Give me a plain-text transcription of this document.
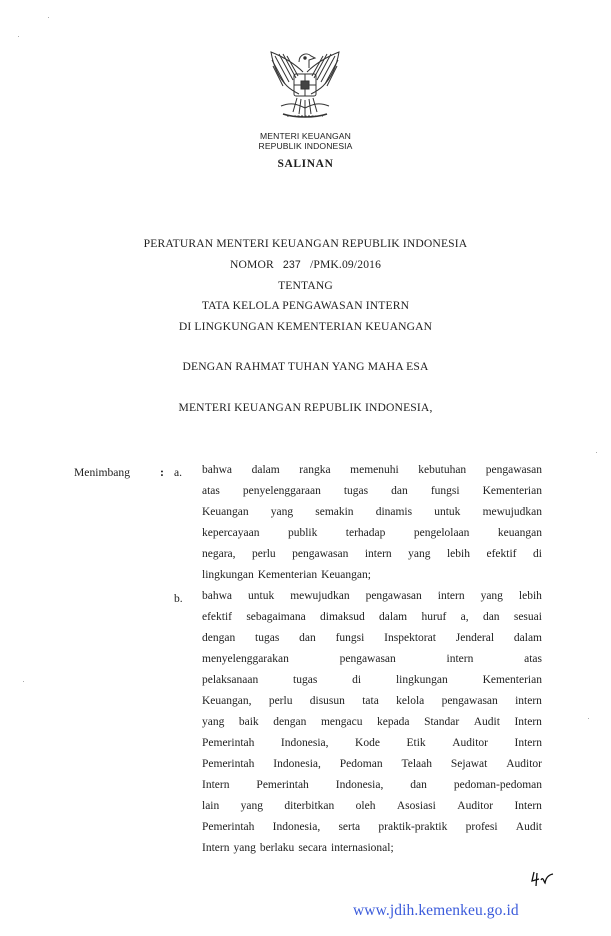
MENTERI KEUANGAN
REPUBLIK INDONESIA
SALINAN
PERATURAN MENTERI KEUANGAN REPUBLIK INDONESIA
NOMOR 237 /PMK.09/2016
TENTANG
TATA KELOLA PENGAWASAN INTERN
DI LINGKUNGAN KEMENTERIAN KEUANGAN
DENGAN RAHMAT TUHAN YANG MAHA ESA
MENTERI KEUANGAN REPUBLIK INDONESIA,
Menimbang : a. bahwa dalam rangka memenuhi kebutuhan pengawasan
atas penyelenggaraan tugas dan fungsi Kementerian
Keuangan yang semakin dinamis untuk mewujudkan
kepercayaan publik terhadap pengelolaan keuangan
negara, perlu pengawasan intern yang lebih efektif di
lingkungan Kementerian Keuangan;
b. bahwa untuk mewujudkan pengawasan intern yang lebih
efektif sebagaimana dimaksud dalam huruf a, dan sesuai
dengan tugas dan fungsi Inspektorat Jenderal dalam
menyelenggarakan	pengawasan	intern	atas
pelaksanaan	tugas	di	lingkungan	Kementerian
Keuangan, perlu disusun tata kelola pengawasan intern
yang baik dengan mengacu kepada Standar Audit Intern
Pemerintah Indonesia, Kode Etik Auditor Intern
Pemerintah Indonesia, Pedoman Telaah Sejawat Auditor
Intern Pemerintah Indonesia, dan pedoman-pedoman
lain yang diterbitkan oleh Asosiasi Auditor Intern
Pemerintah Indonesia, serta praktik-praktik profesi Audit
Intern yang berlaku secara internasional;
www.jdih.kemenkeu.go.id
